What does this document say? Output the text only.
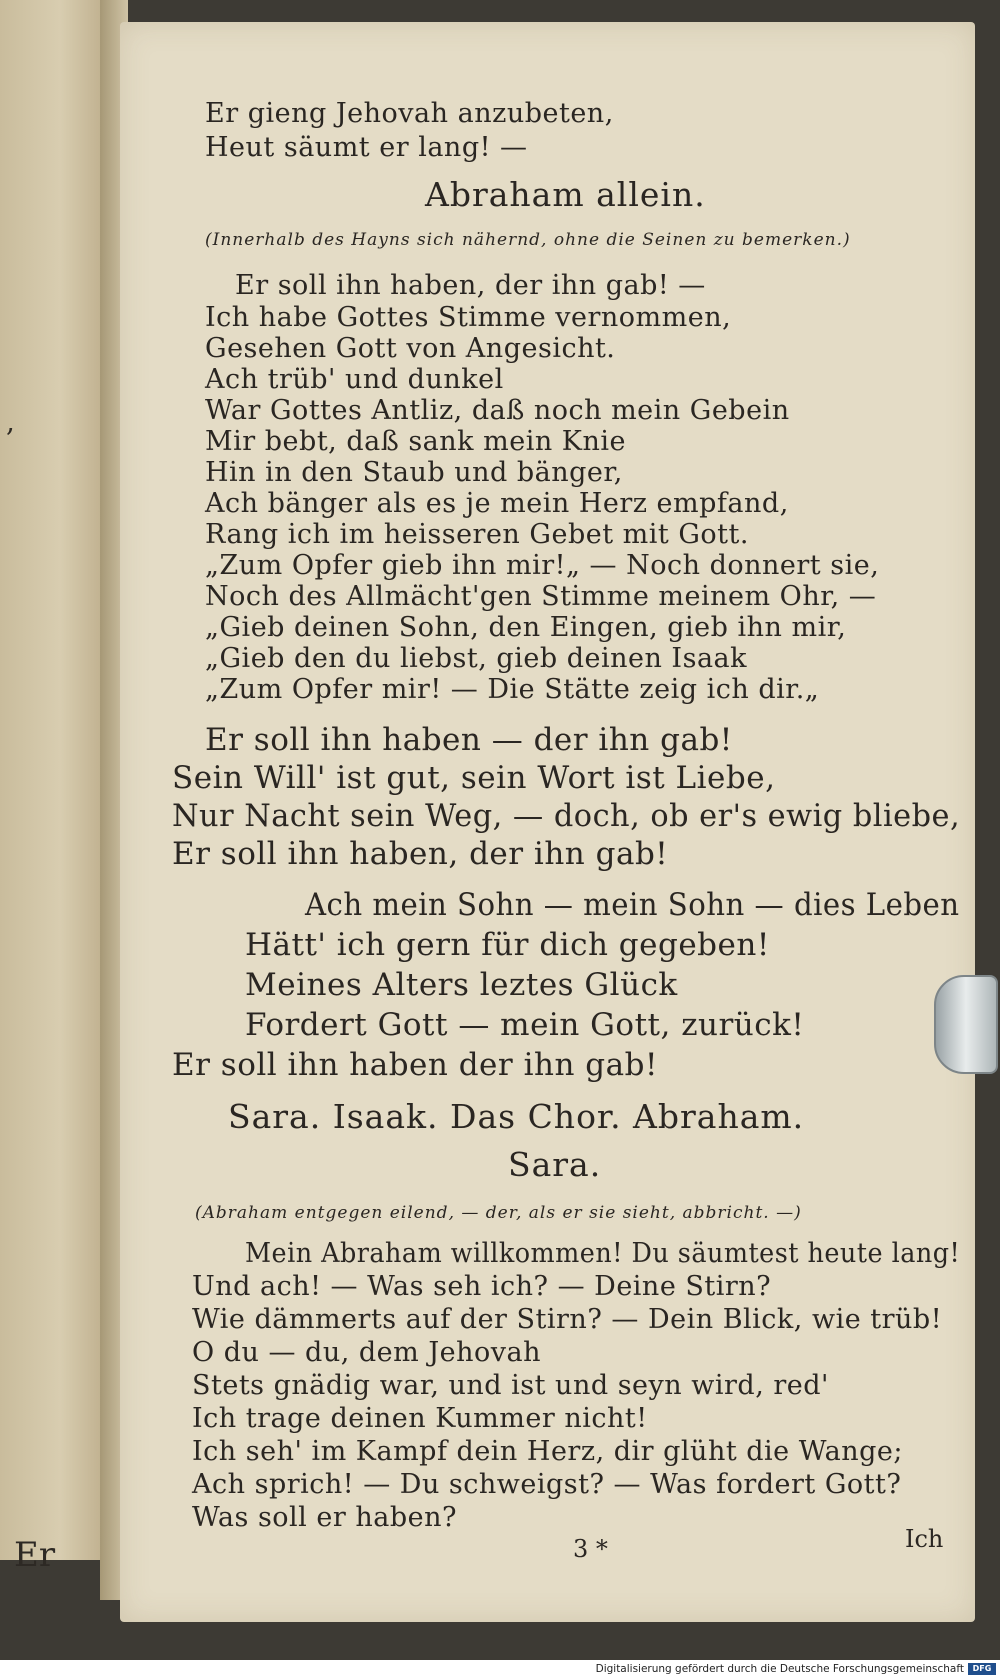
,
Er
Er gieng Jehovah anzubeten,
Heut säumt er lang! —
Abraham allein.
(Innerhalb des Hayns sich nähernd, ohne die Seinen zu bemerken.)
Er soll ihn haben, der ihn gab! —
Ich habe Gottes Stimme vernommen,
Gesehen Gott von Angesicht.
Ach trüb' und dunkel
War Gottes Antliz, daß noch mein Gebein
Mir bebt, daß sank mein Knie
Hin in den Staub und bänger,
Ach bänger als es je mein Herz empfand,
Rang ich im heisseren Gebet mit Gott.
„Zum Opfer gieb ihn mir!„ — Noch donnert sie,
Noch des Allmächt'gen Stimme meinem Ohr, —
„Gieb deinen Sohn, den Eingen, gieb ihn mir,
„Gieb den du liebst, gieb deinen Isaak
„Zum Opfer mir! — Die Stätte zeig ich dir.„
Er soll ihn haben — der ihn gab!
Sein Will' ist gut, sein Wort ist Liebe,
Nur Nacht sein Weg, — doch, ob er's ewig bliebe,
Er soll ihn haben, der ihn gab!
Ach mein Sohn — mein Sohn — dies Leben
Hätt' ich gern für dich gegeben!
Meines Alters leztes Glück
Fordert Gott — mein Gott, zurück!
Er soll ihn haben der ihn gab!
Sara. Isaak. Das Chor. Abraham.
Sara.
(Abraham entgegen eilend, — der, als er sie sieht, abbricht. —)
Mein Abraham willkommen! Du säumtest heute lang!
Und ach! — Was seh ich? — Deine Stirn?
Wie dämmerts auf der Stirn? — Dein Blick, wie trüb!
O du — du, dem Jehovah
Stets gnädig war, und ist und seyn wird, red'
Ich trage deinen Kummer nicht!
Ich seh' im Kampf dein Herz, dir glüht die Wange;
Ach sprich! — Du schweigst? — Was fordert Gott?
Was soll er haben?
3 *	Ich
Digitalisierung gefördert durch die Deutsche Forschungsgemeinschaft	DFG
